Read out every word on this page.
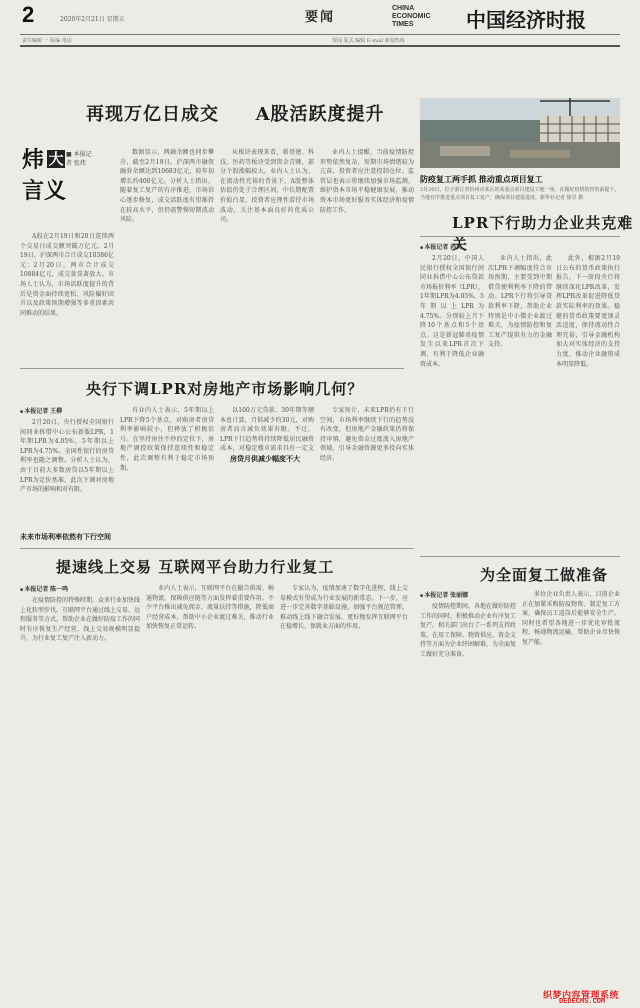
2	2020年2月21日 星期五	要闻
CHINA
ECONOMIC
TIMES	中国经济时报
责任编辑 一 版编 电话	要闻 版式 编辑 E-mail 新闻热线
再现万亿日成交 A股活跃度提升
炜 大
言义
■ 本报记者 张炜

A股在2月19日和20日连续两个交易日成交额突破万亿元。2月19日，沪深两市合计成交10386亿元；2月20日，两市合计成交10884亿元，成交量显著放大。市场人士认为，市场活跃度提升的背后是资金面持续宽松、风险偏好回升以及政策预期增强等多重因素共同推动的结果。

数据显示，两融余额也同步攀升，截至2月19日，沪深两市融资融券余额达到10683亿元，较年初增长约400亿元。分析人士指出，随着复工复产的有序推进，市场信心逐步修复，成交活跃度有望维持在较高水平，但仍需警惕短期波动风险。

从板块表现来看，新基建、科技、医药等板块受到资金青睐，部分个股涨幅较大。业内人士认为，在流动性充裕的背景下，A股整体估值仍处于合理区间，中长期配置价值凸显，投资者应理性看待市场波动，关注基本面良好的优质公司。

业内人士提醒，当前疫情防控形势依然复杂，短期市场情绪较为亢奋，投资者应注意控制仓位。监管层也表示将继续加强市场监测，维护资本市场平稳健康发展，推动资本市场更好服务实体经济和疫情防控工作。

防疫复工两手抓 推动重点项目复工
2月20日，位于浙江省杭州市某区的某重点项目建设工地一角。在做好疫情防控的前提下，当地有序推进重点项目复工复产，确保项目建设进度。新华社记者 徐昱 摄
LPR下行助力企业共克难关
■ 本报记者 孙爽

2月20日，中国人民银行授权全国银行间同业拆借中心公布贷款市场报价利率（LPR），1年期LPR为4.05%，5年期以上LPR为4.75%。分别较上月下降10个基点和5个基点。这是新冠肺炎疫情发生以来LPR首次下调，有利于降低企业融资成本。

业内人士指出，此次LPR下调幅度符合市场预期，主要受到中期借贷便利利率下降的带动。LPR下行将引导贷款利率下降，帮助企业特别是中小微企业渡过难关，为疫情防控和复工复产提供有力的金融支持。

此外，根据2月19日公布的货币政策执行报告，下一阶段央行将继续深化LPR改革，发挥LPR改革促进降低贷款实际利率的效果。稳健的货币政策要更加灵活适度，保持流动性合理充裕，引导金融机构加大对实体经济的支持力度，推动企业融资成本明显降低。

央行下调LPR对房地产市场影响几何？
■ 本报记者 王柳

2月20日，央行授权全国银行间同业拆借中心公布新版LPR，1年期LPR为4.05%，5年期以上LPR为4.75%。全国性银行的房贷利率也随之调整。分析人士认为，由于目前大多数房贷以5年期以上LPR为定价基准，此次下调对房地产市场的影响相对有限。

未来市场利率依然有下行空间

有业内人士表示，5年期以上LPR下降5个基点，对购房者房贷利率影响较小，但释放了积极信号。在坚持房住不炒的定位下，房地产调控政策保持连续性和稳定性，此次调整有利于稳定市场预期。

房贷月供减少幅度不大

以100万元贷款、30年期等额本息计算，月供减少约30元，对购房者而言减负效果有限。不过，LPR下行趋势将持续降低居民融资成本，对稳定楼市需求具有一定支

专家预计，未来LPR仍有下行空间，市场利率继续下行的趋势没有改变，但房地产金融政策仍将保持审慎，避免资金过度流入房地产领域，引导金融资源更多投向实体经济。

提速线上交易 互联网平台助力行业复工
■ 本报记者 陈一鸣

在疫情防控的特殊时期，众多行业加快线上化转型步伐。互联网平台通过线上交易、远程服务等方式，帮助企业在做好防疫工作的同时有序恢复生产经营，线上交易规模明显提升，为行业复工复产注入新动力。

业内人士表示，互联网平台在撮合供需、畅通物流、保障供应链等方面发挥着重要作用。不少平台推出减免佣金、流量扶持等措施，降低商户经营成本，帮助中小企业渡过难关，推动行业加快恢复正常运转。

专家认为，疫情加速了数字化进程，线上交易模式有望成为行业发展的新常态。下一步，应进一步完善数字基础设施，加强平台规范管理，推动线上线下融合发展，更好地发挥互联网平台在稳增长、保就业方面的作用。

为全面复工做准备
■ 本报记者 张丽娜

疫情防控期间，各地在做好防控工作的同时，积极推动企业有序复工复产。相关部门出台了一系列支持政策，在用工保障、物资供应、资金支持等方面为企业纾困解难，为全面复工做好充分准备。

多位企业负责人表示，目前企业正在加紧采购防疫物资、制定复工方案，确保员工返岗后能够安全生产。同时也希望各地进一步优化审批流程，畅通物流运输，帮助企业尽快恢复产能。

织梦内容管理系统
DEDECMS.COM
